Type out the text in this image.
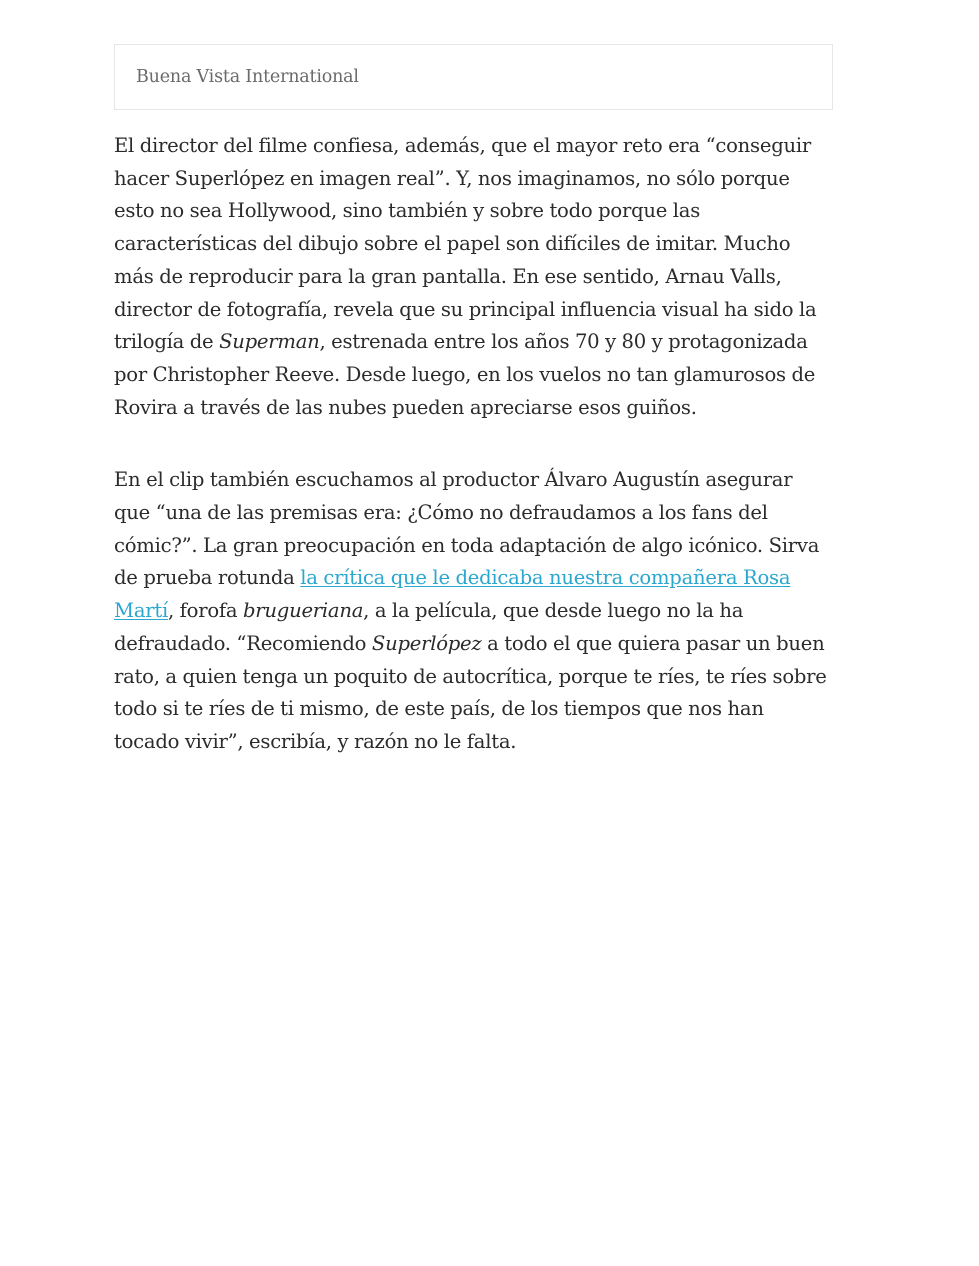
Buena Vista International

El director del filme confiesa, además, que el mayor reto era “conseguir hacer Superlópez en imagen real”. Y, nos imaginamos, no sólo porque esto no sea Hollywood, sino también y sobre todo porque las características del dibujo sobre el papel son difíciles de imitar. Mucho más de reproducir para la gran pantalla. En ese sentido, Arnau Valls, director de fotografía, revela que su principal influencia visual ha sido la trilogía de Superman, estrenada entre los años 70 y 80 y protagonizada por Christopher Reeve. Desde luego, en los vuelos no tan glamurosos de Rovira a través de las nubes pueden apreciarse esos guiños.

En el clip también escuchamos al productor Álvaro Augustín asegurar que “una de las premisas era: ¿Cómo no defraudamos a los fans del cómic?”. La gran preocupación en toda adaptación de algo icónico. Sirva de prueba rotunda la crítica que le dedicaba nuestra compañera Rosa Martí, forofa brugueriana, a la película, que desde luego no la ha defraudado. “Recomiendo Superlópez a todo el que quiera pasar un buen rato, a quien tenga un poquito de autocrítica, porque te ríes, te ríes sobre todo si te ríes de ti mismo, de este país, de los tiempos que nos han tocado vivir”, escribía, y razón no le falta.
